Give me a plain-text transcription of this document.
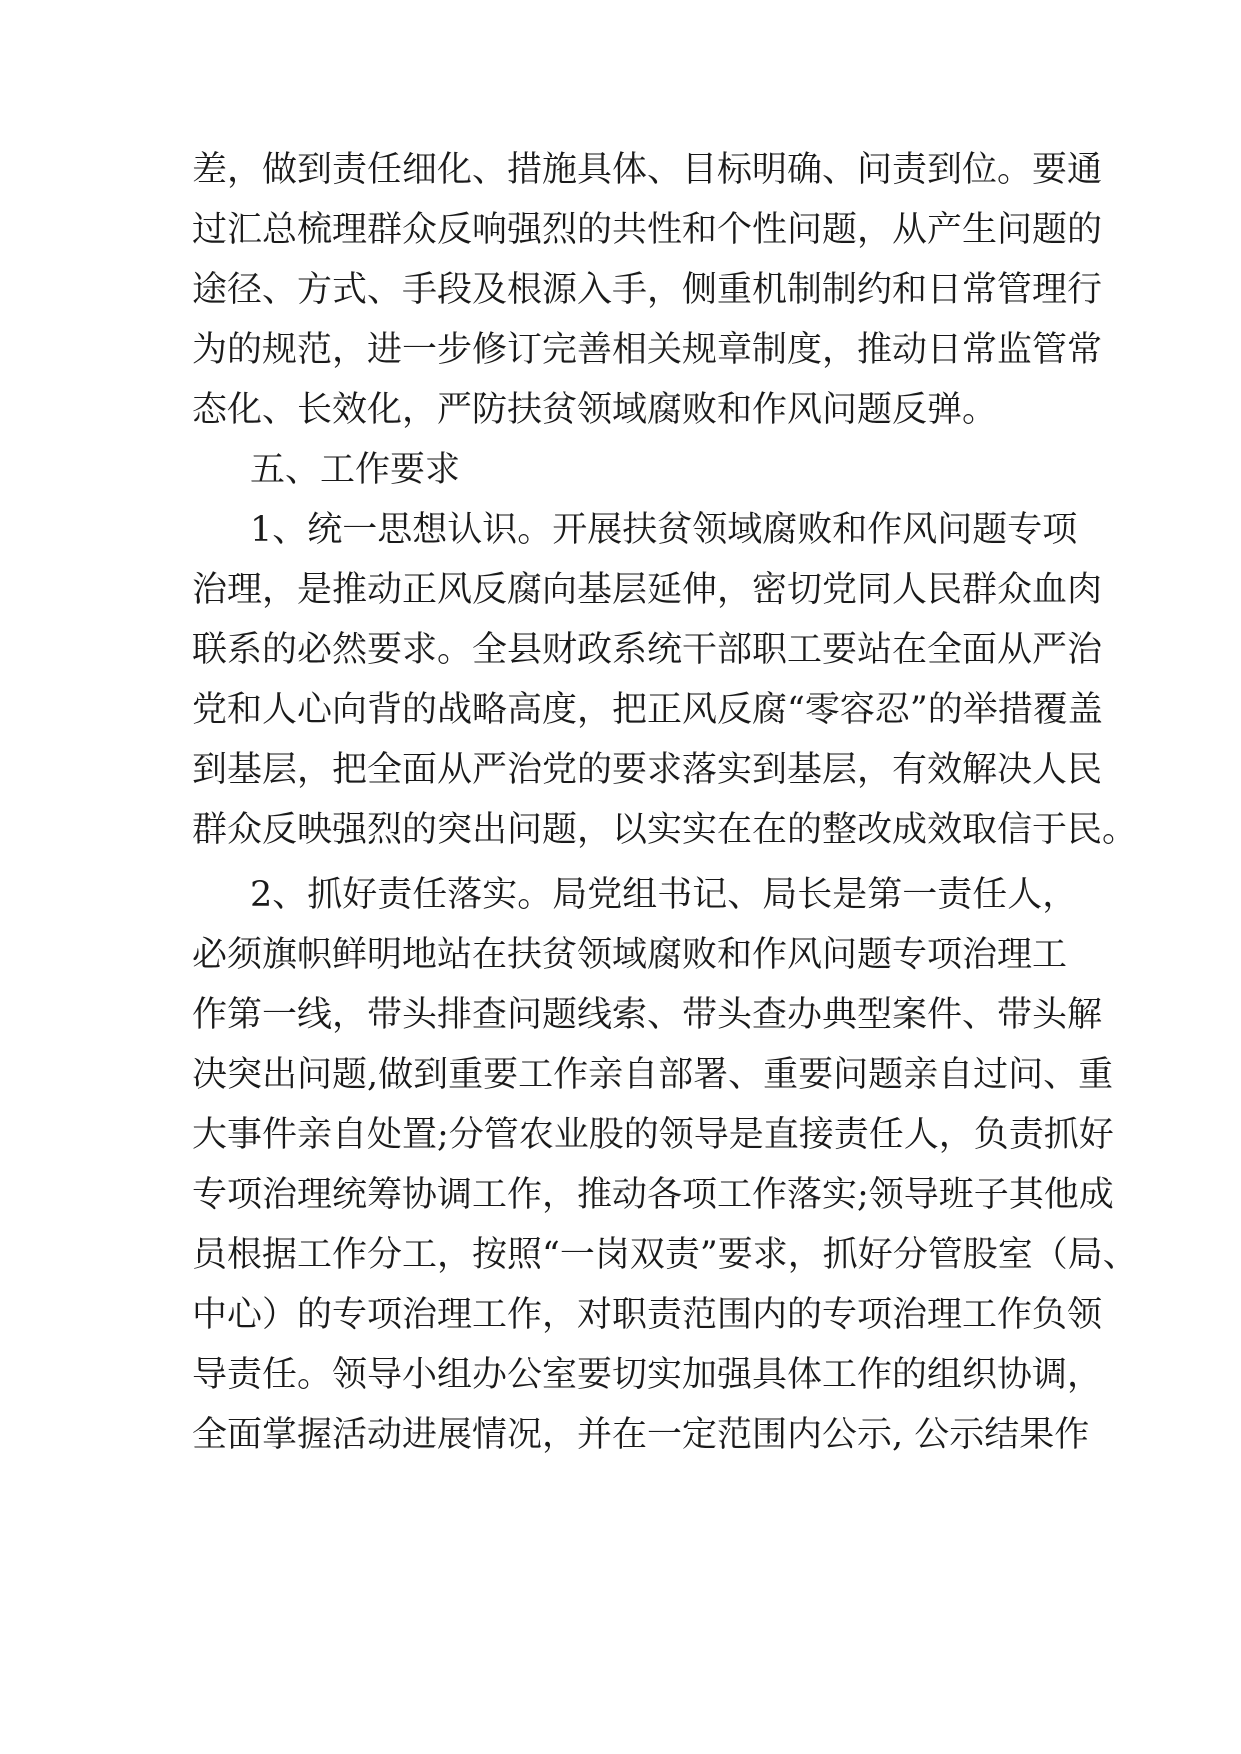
差，做到责任细化、措施具体、目标明确、问责到位。要通
过汇总梳理群众反响强烈的共性和个性问题，从产生问题的
途径、方式、手段及根源入手，侧重机制制约和日常管理行
为的规范，进一步修订完善相关规章制度，推动日常监管常
态化、长效化，严防扶贫领域腐败和作风问题反弹。
五、工作要求
1、统一思想认识。开展扶贫领域腐败和作风问题专项
治理，是推动正风反腐向基层延伸，密切党同人民群众血肉
联系的必然要求。全县财政系统干部职工要站在全面从严治
党和人心向背的战略高度，把正风反腐“零容忍”的举措覆盖
到基层，把全面从严治党的要求落实到基层，有效解决人民
群众反映强烈的突出问题，以实实在在的整改成效取信于民。
2、抓好责任落实。局党组书记、局长是第一责任人，
必须旗帜鲜明地站在扶贫领域腐败和作风问题专项治理工
作第一线，带头排查问题线索、带头查办典型案件、带头解
决突出问题,做到重要工作亲自部署、重要问题亲自过问、重
大事件亲自处置;分管农业股的领导是直接责任人，负责抓好
专项治理统筹协调工作，推动各项工作落实;领导班子其他成
员根据工作分工，按照“一岗双责”要求，抓好分管股室（局、
中心）的专项治理工作，对职责范围内的专项治理工作负领
导责任。领导小组办公室要切实加强具体工作的组织协调，
全面掌握活动进展情况，并在一定范围内公示, 公示结果作
